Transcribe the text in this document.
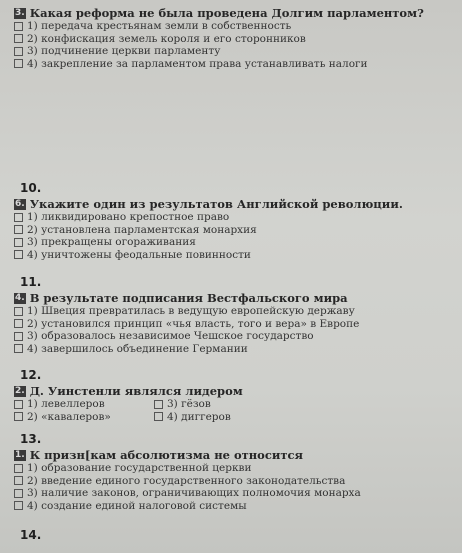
3. Какая реформа не была проведена Долгим парламентом?
1) передача крестьянам земли в собственность
2) конфискация земель короля и его сторонников
3) подчинение церкви парламенту
4) закрепление за парламентом права устанавливать налоги
10.
6. Укажите один из результатов Английской революции.
1) ликвидировано крепостное право
2) установлена парламентская монархия
3) прекращены огораживания
4) уничтожены феодальные повинности
11.
4. В результате подписания Вестфальского мира
1) Швеция превратилась в ведущую европейскую державу
2) установился принцип «чья власть, того и вера» в Европе
3) образовалось независимое Чешское государство
4) завершилось объединение Германии
12.
2. Д. Уинстенли являлся лидером
1) левеллеров
2) «кавалеров»
3) гёзов
4) диггеров
13.
1. К призн[кам абсолютизма не относится
1) образование государственной церкви
2) введение единого государственного законодательства
3) наличие законов, ограничивающих полномочия монарха
4) создание единой налоговой системы
14.
